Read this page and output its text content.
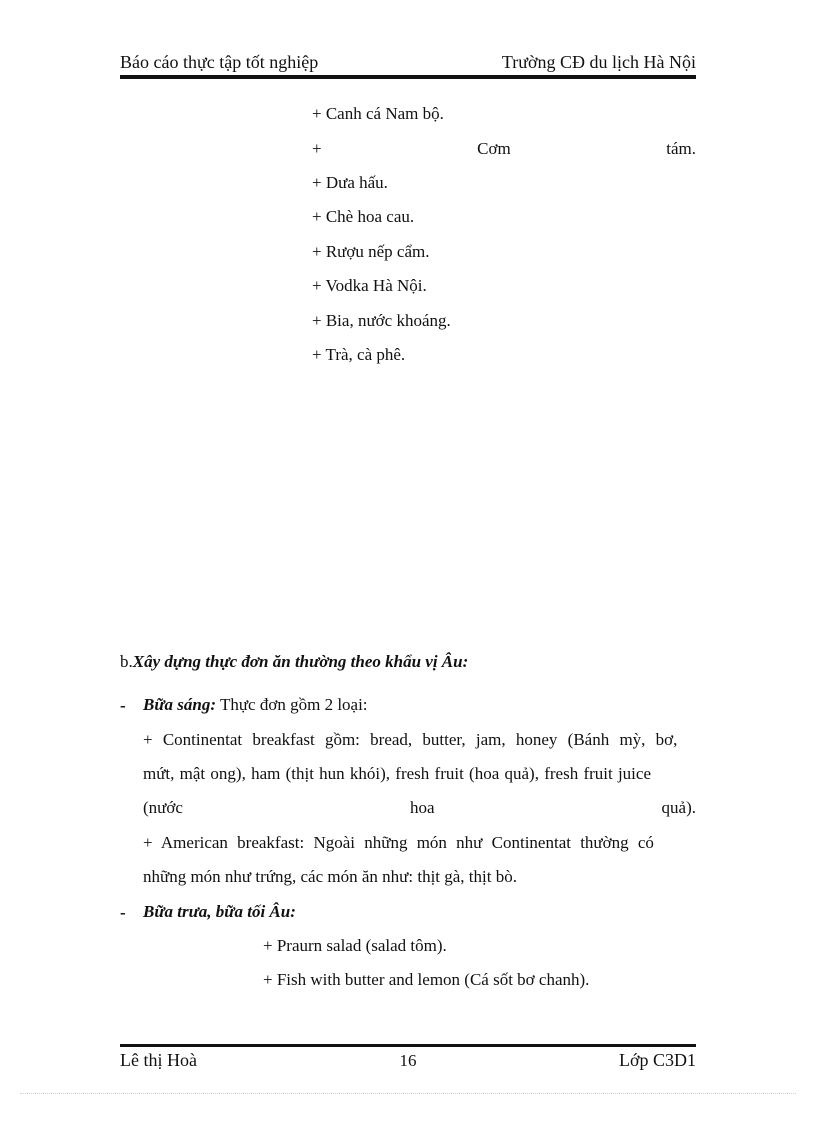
Báo cáo thực tập tốt nghiệp	Trường CĐ du lịch Hà Nội
+ Canh cá Nam bộ.
+	Cơm	tám.
+ Dưa hấu.
+ Chè hoa cau.
+ Rượu nếp cẩm.
+ Vodka Hà Nội.
+ Bia, nước khoáng.
+ Trà, cà phê.
b.Xây dựng thực đơn ăn thường theo khẩu vị Âu:
- Bữa sáng: Thực đơn gồm 2 loại:
+ Continentat breakfast gồm: bread, butter, jam, honey (Bánh mỳ, bơ,
mứt, mật ong), ham (thịt hun khói), fresh fruit (hoa quả), fresh fruit juice
(nước	hoa	quả).
+ American breakfast: Ngoài những món như Continentat thường có
những món như trứng, các món ăn như: thịt gà, thịt bò.
- Bữa trưa, bữa tối Âu:
+ Praurn salad (salad tôm).
+ Fish with butter and lemon (Cá sốt bơ chanh).
Lê thị Hoà	16	Lớp C3D1
